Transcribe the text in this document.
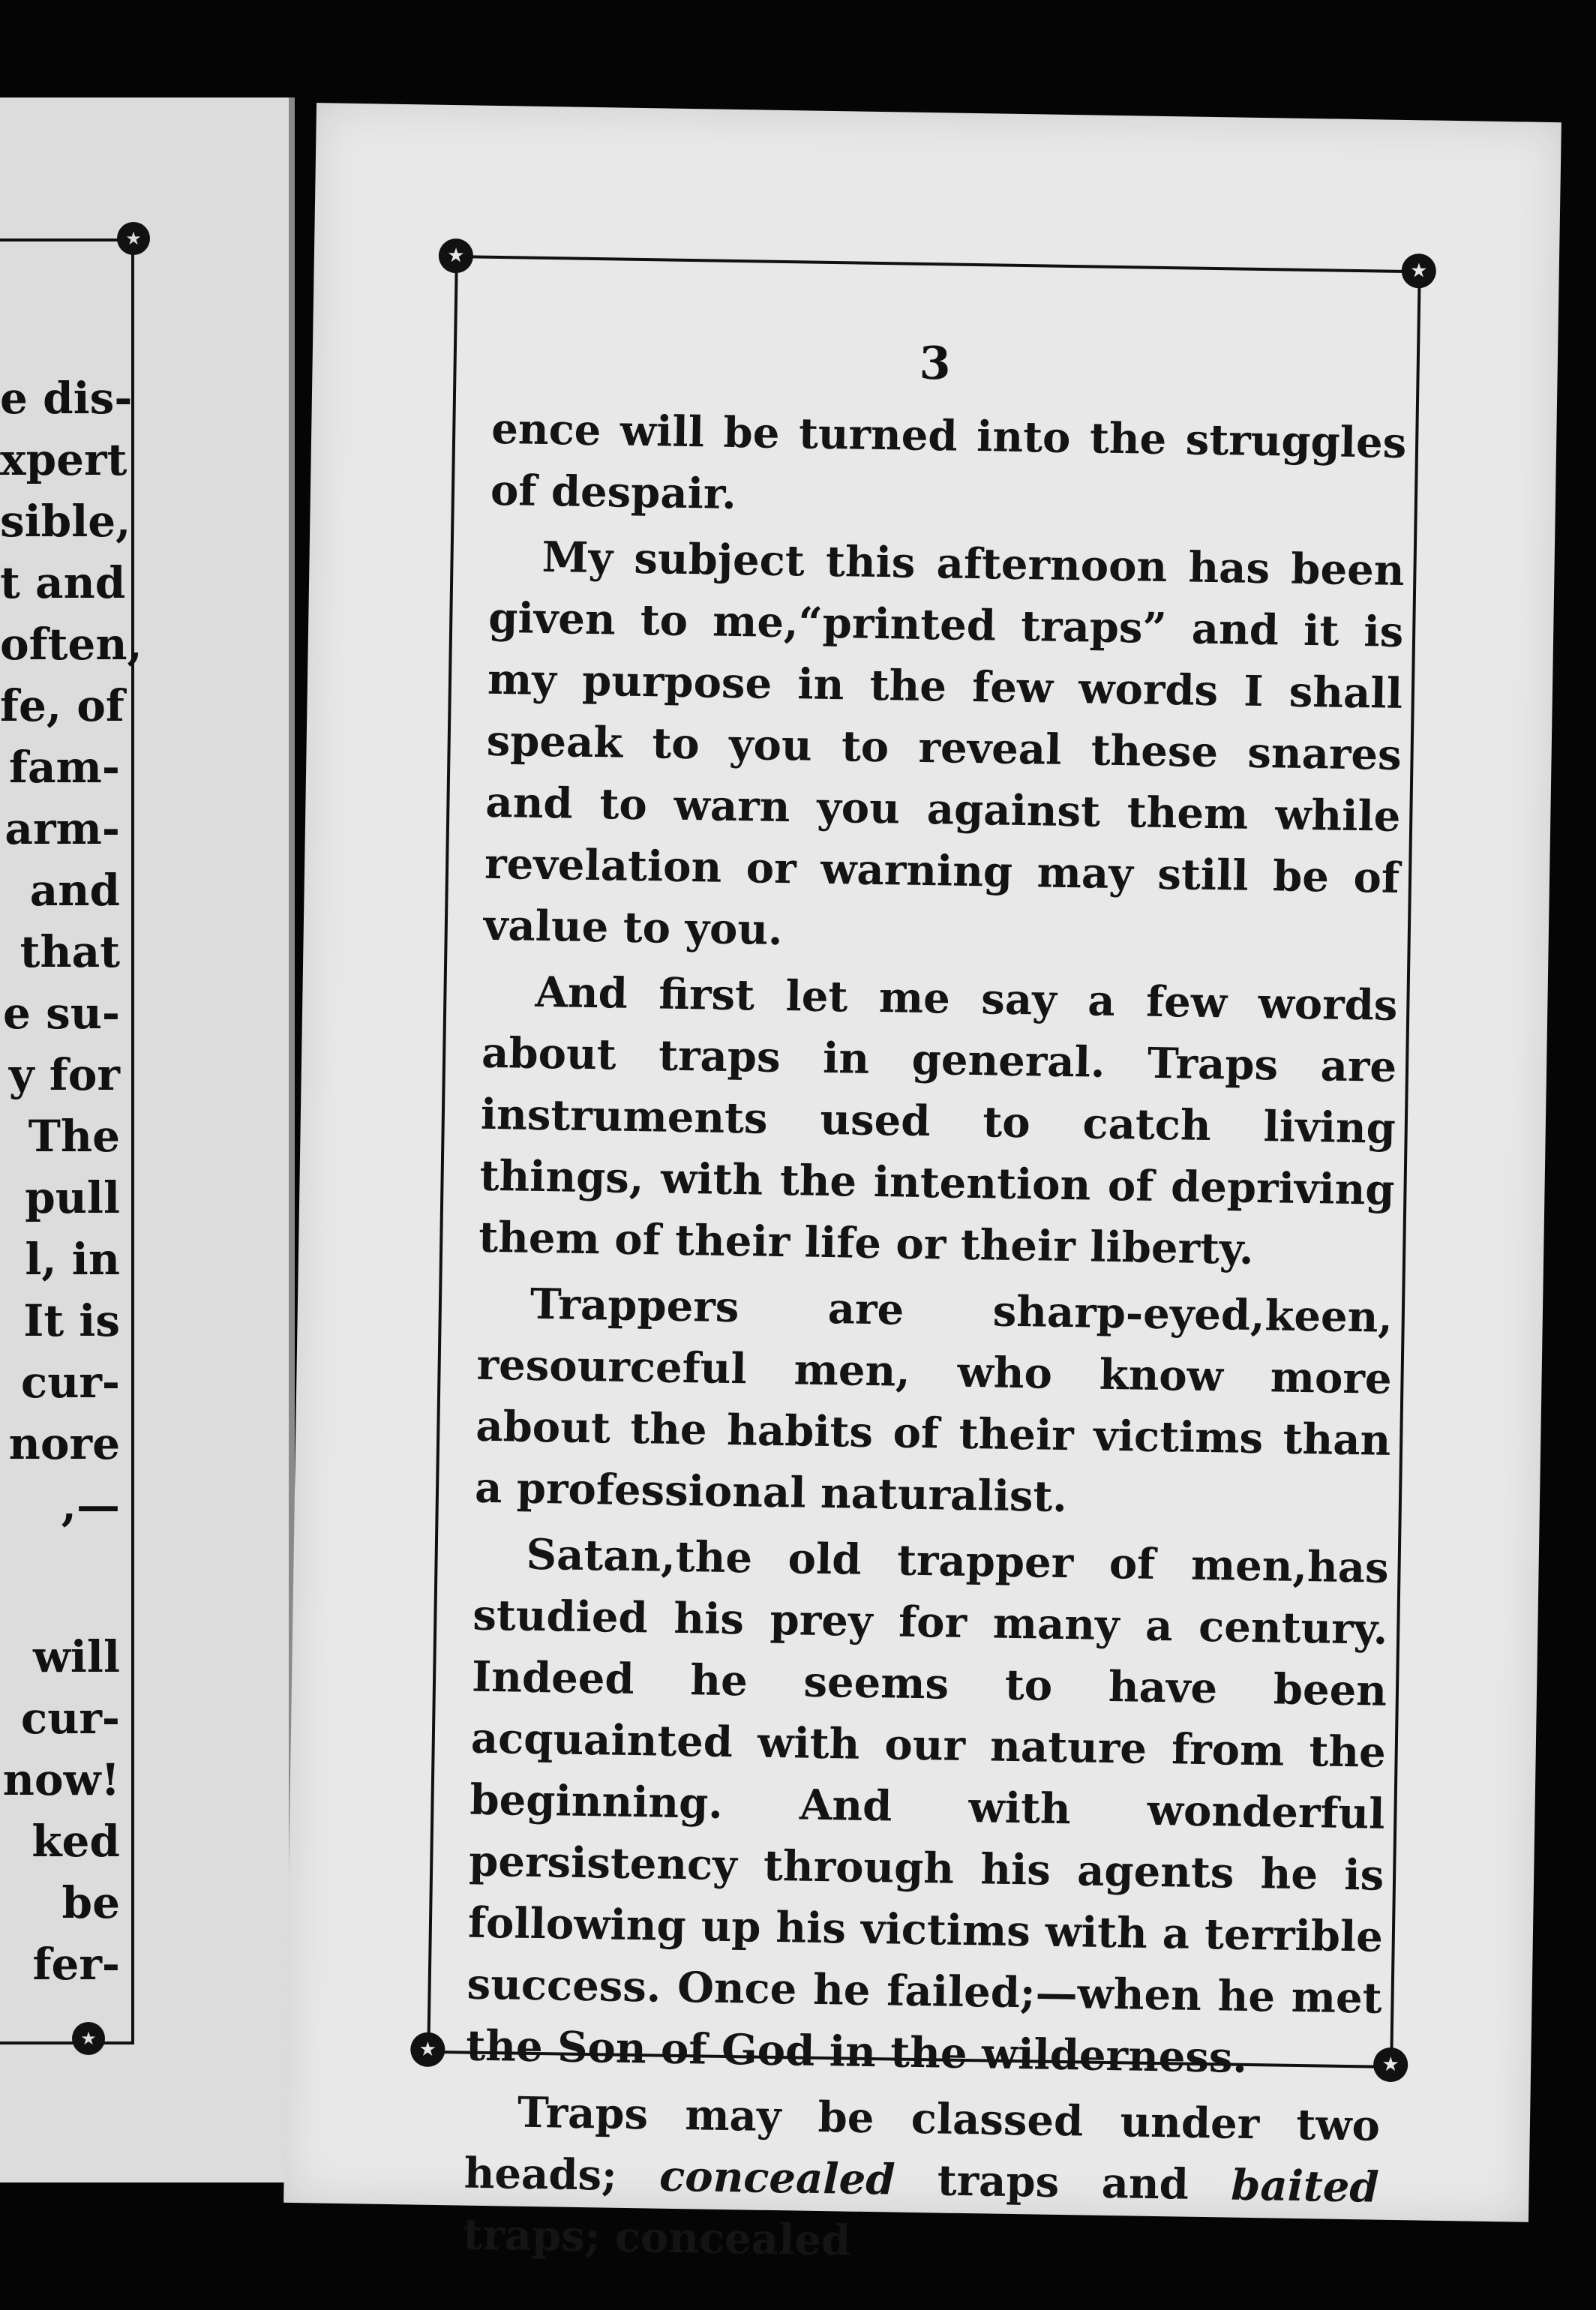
★
★
e dis-
xpert
sible,
t and
often,
fe, of
fam-
arm-
and
that
e su-
y for
The
pull
l, in
It is
cur-
nore
,—
will
cur-
now!
ked
be
fer-
★
★
★
★
3

ence will be turned into the struggles of despair.

My subject this afternoon has been given to me,“printed traps” and it is my purpose in the few words I shall speak to you to reveal these snares and to warn you against them while revelation or warning may still be of value to you.

And first let me say a few words about traps in general. Traps are instruments used to catch living things, with the intention of depriving them of their life or their liberty.

Trappers are sharp-eyed,keen, resourceful men, who know more about the habits of their victims than a professional naturalist.

Satan,the old trapper of men,has studied his prey for many a century. Indeed he seems to have been acquainted with our nature from the beginning. And with wonderful persistency through his agents he is following up his victims with a terrible success. Once he failed;—when he met the Son of God in the wilderness.

Traps may be classed under two heads; concealed traps and baited traps; concealed
